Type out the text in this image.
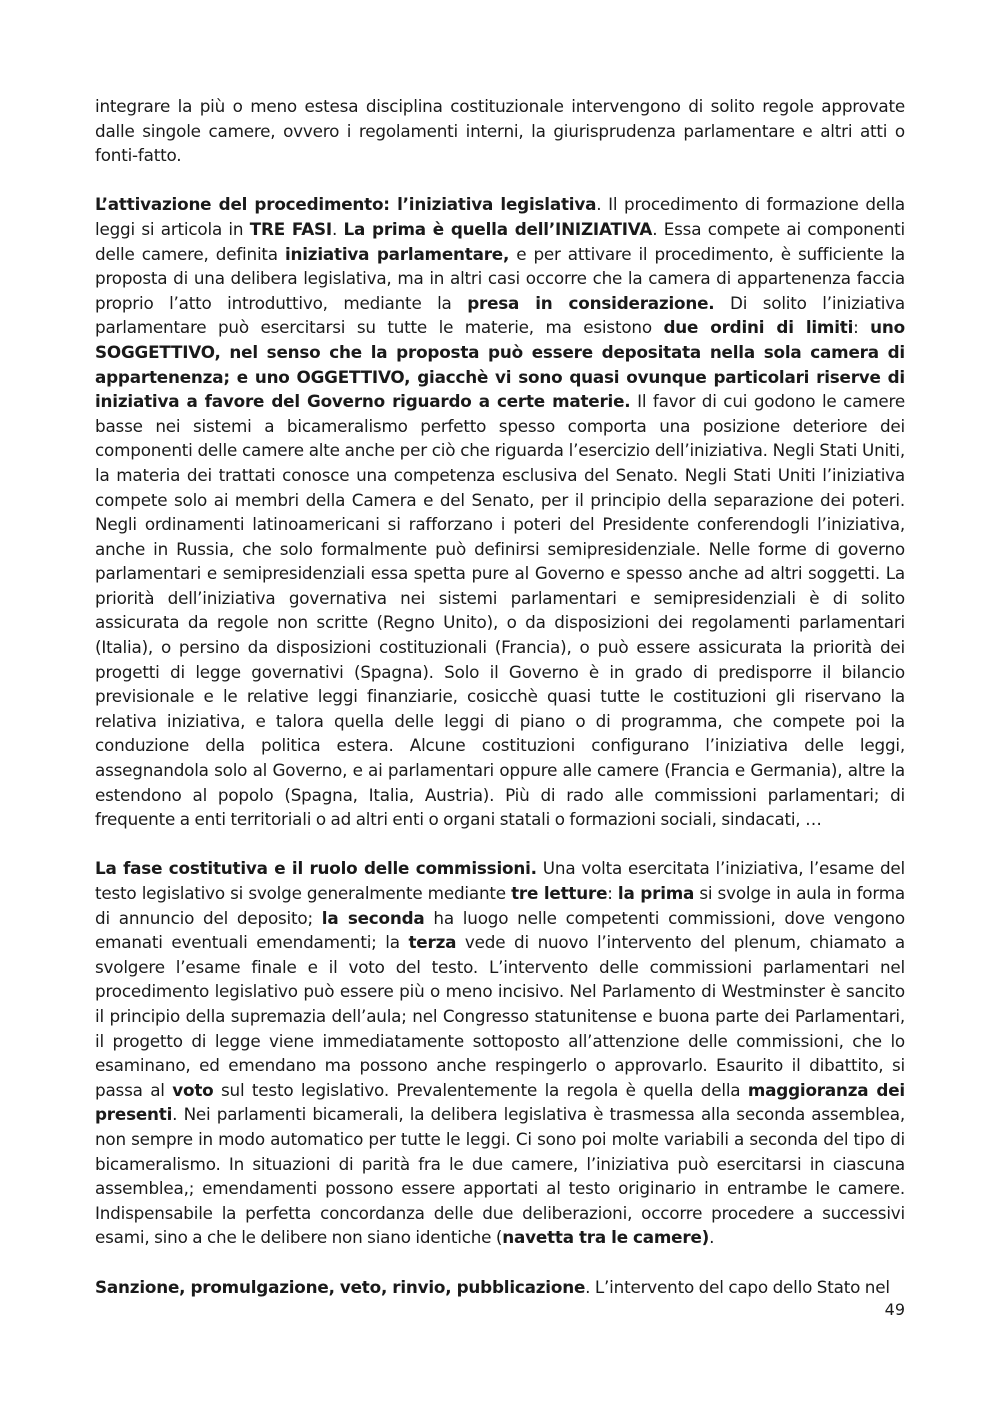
integrare la più o meno estesa disciplina costituzionale intervengono di solito regole approvate dalle singole camere, ovvero i regolamenti interni, la giurisprudenza parlamentare e altri atti o fonti-fatto.

L’attivazione del procedimento: l’iniziativa legislativa. Il procedimento di formazione della leggi si articola in TRE FASI. La prima è quella dell’INIZIATIVA. Essa compete ai componenti delle camere, definita iniziativa parlamentare, e per attivare il procedimento, è sufficiente la proposta di una delibera legislativa, ma in altri casi occorre che la camera di appartenenza faccia proprio l’atto introduttivo, mediante la presa in considerazione. Di solito l’iniziativa parlamentare può esercitarsi su tutte le materie, ma esistono due ordini di limiti: uno SOGGETTIVO, nel senso che la proposta può essere depositata nella sola camera di appartenenza; e uno OGGETTIVO, giacchè vi sono quasi ovunque particolari riserve di iniziativa a favore del Governo riguardo a certe materie. Il favor di cui godono le camere basse nei sistemi a bicameralismo perfetto spesso comporta una posizione deteriore dei componenti delle camere alte anche per ciò che riguarda l’esercizio dell’iniziativa. Negli Stati Uniti, la materia dei trattati conosce una competenza esclusiva del Senato. Negli Stati Uniti l’iniziativa compete solo ai membri della Camera e del Senato, per il principio della separazione dei poteri. Negli ordinamenti latinoamericani si rafforzano i poteri del Presidente conferendogli l’iniziativa, anche in Russia, che solo formalmente può definirsi semipresidenziale. Nelle forme di governo parlamentari e semipresidenziali essa spetta pure al Governo e spesso anche ad altri soggetti. La priorità dell’iniziativa governativa nei sistemi parlamentari e semipresidenziali è di solito assicurata da regole non scritte (Regno Unito), o da disposizioni dei regolamenti parlamentari (Italia), o persino da disposizioni costituzionali (Francia), o può essere assicurata la priorità dei progetti di legge governativi (Spagna). Solo il Governo è in grado di predisporre il bilancio previsionale e le relative leggi finanziarie, cosicchè quasi tutte le costituzioni gli riservano la relativa iniziativa, e talora quella delle leggi di piano o di programma, che compete poi la conduzione della politica estera. Alcune costituzioni configurano l’iniziativa delle leggi, assegnandola solo al Governo, e ai parlamentari oppure alle camere (Francia e Germania), altre la estendono al popolo (Spagna, Italia, Austria). Più di rado alle commissioni parlamentari; di frequente a enti territoriali o ad altri enti o organi statali o formazioni sociali, sindacati, …

La fase costitutiva e il ruolo delle commissioni. Una volta esercitata l’iniziativa, l’esame del testo legislativo si svolge generalmente mediante tre letture: la prima si svolge in aula in forma di annuncio del deposito; la seconda ha luogo nelle competenti commissioni, dove vengono emanati eventuali emendamenti; la terza vede di nuovo l’intervento del plenum, chiamato a svolgere l’esame finale e il voto del testo. L’intervento delle commissioni parlamentari nel procedimento legislativo può essere più o meno incisivo. Nel Parlamento di Westminster è sancito il principio della supremazia dell’aula; nel Congresso statunitense e buona parte dei Parlamentari, il progetto di legge viene immediatamente sottoposto all’attenzione delle commissioni, che lo esaminano, ed emendano ma possono anche respingerlo o approvarlo. Esaurito il dibattito, si passa al voto sul testo legislativo. Prevalentemente la regola è quella della maggioranza dei presenti. Nei parlamenti bicamerali, la delibera legislativa è trasmessa alla seconda assemblea, non sempre in modo automatico per tutte le leggi. Ci sono poi molte variabili a seconda del tipo di bicameralismo. In situazioni di parità fra le due camere, l’iniziativa può esercitarsi in ciascuna assemblea,; emendamenti possono essere apportati al testo originario in entrambe le camere. Indispensabile la perfetta concordanza delle due deliberazioni, occorre procedere a successivi esami, sino a che le delibere non siano identiche (navetta tra le camere).

Sanzione, promulgazione, veto, rinvio, pubblicazione. L’intervento del capo dello Stato nel

49
